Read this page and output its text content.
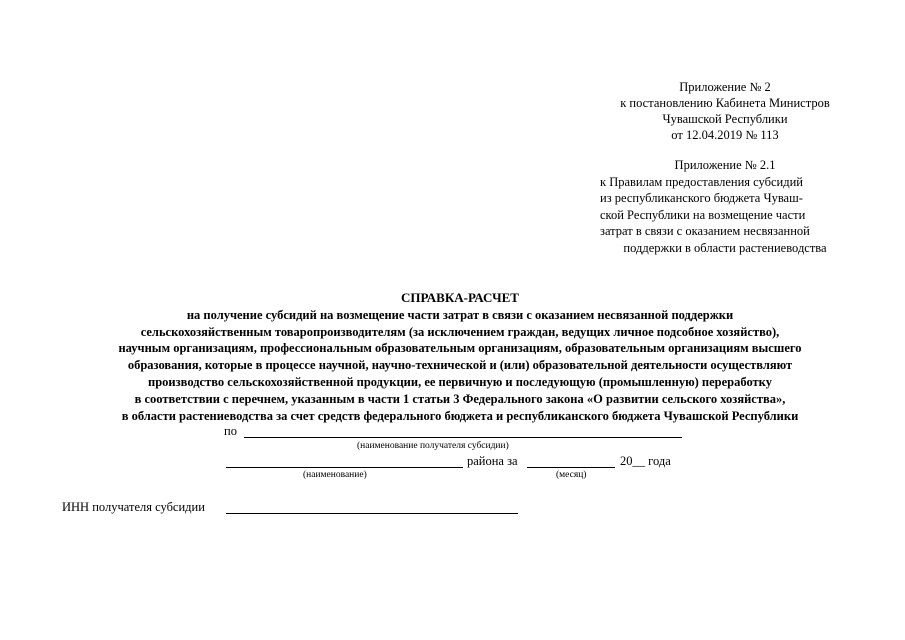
Приложение № 2
к постановлению Кабинета Министров
Чувашской Республики
от 12.04.2019 № 113
Приложение № 2.1
к Правилам предоставления субсидий
из республиканского бюджета Чуваш-
ской Республики на возмещение части
затрат в связи с оказанием несвязанной
поддержки в области растениеводства
СПРАВКА-РАСЧЕТ
на получение субсидий на возмещение части затрат в связи с оказанием несвязанной поддержки
сельскохозяйственным товаропроизводителям (за исключением граждан, ведущих личное подсобное хозяйство),
научным организациям, профессиональным образовательным организациям, образовательным организациям высшего
образования, которые в процессе научной, научно-технической и (или) образовательной деятельности осуществляют
производство сельскохозяйственной продукции, ее первичную и последующую (промышленную) переработку
в соответствии с перечнем, указанным в части 1 статьи 3 Федерального закона «О развитии сельского хозяйства»,
в области растениеводства за счет средств федерального бюджета и республиканского бюджета Чувашской Республики
по
(наименование получателя субсидии)
района за	20__ года
(наименование)	(месяц)
ИНН получателя субсидии
